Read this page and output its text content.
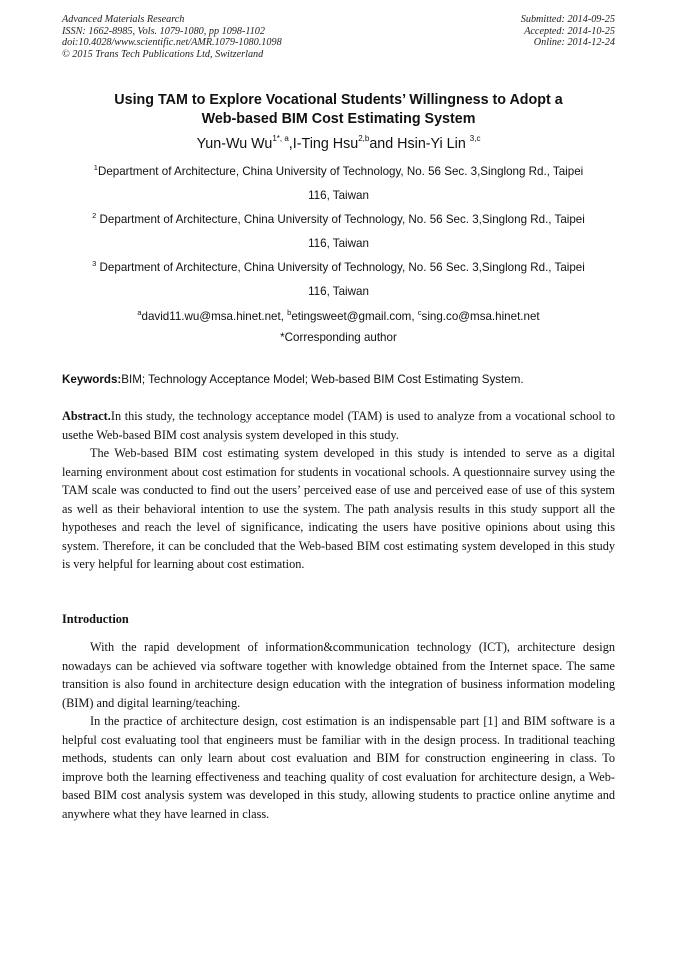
Advanced Materials Research
ISSN: 1662-8985, Vols. 1079-1080, pp 1098-1102
doi:10.4028/www.scientific.net/AMR.1079-1080.1098
© 2015 Trans Tech Publications Ltd, Switzerland
Submitted: 2014-09-25
Accepted: 2014-10-25
Online: 2014-12-24
Using TAM to Explore Vocational Students’ Willingness to Adopt a
Web-based BIM Cost Estimating System
Yun-Wu $Wu^{1*, a},I$-Ting Hsu$^{2,b}$and Hsin-Yi Lin $^{3,c}$
$^1$Department of Architecture, China University of Technology, No. 56 Sec. 3,Singlong Rd., Taipei
116, Taiwan
$^2$ Department of Architecture, China University of Technology, No. 56 Sec. 3,Singlong Rd., Taipei
116, Taiwan
$^3$ Department of Architecture, China University of Technology, No. 56 Sec. 3,Singlong Rd., Taipei
116, Taiwan
$^a$david11.wu@msa.hinet.net, $^b$etingsweet@gmail.com, $^c$sing.co@msa.hinet.net
*Corresponding author
Keywords:BIM; Technology Acceptance Model; Web-based BIM Cost Estimating System.

Abstract.In this study, the technology acceptance model (TAM) is used to analyze from a vocational school to usethe Web-based BIM cost analysis system developed in this study.

The Web-based BIM cost estimating system developed in this study is intended to serve as a digital learning environment about cost estimation for students in vocational schools. A questionnaire survey using the TAM scale was conducted to find out the users’ perceived ease of use and perceived ease of use of this system as well as their behavioral intention to use the system. The path analysis results in this study support all the hypotheses and reach the level of significance, indicating the users have positive opinions about using this system. Therefore, it can be concluded that the Web-based BIM cost estimating system developed in this study is very helpful for learning about cost estimation.

Introduction

With the rapid development of information&communication technology (ICT), architecture design nowadays can be achieved via software together with knowledge obtained from the Internet space. The same transition is also found in architecture design education with the integration of business information modeling (BIM) and digital learning/teaching.

In the practice of architecture design, cost estimation is an indispensable part [1] and BIM software is a helpful cost evaluating tool that engineers must be familiar with in the design process. In traditional teaching methods, students can only learn about cost evaluation and BIM for construction engineering in class. To improve both the learning effectiveness and teaching quality of cost evaluation for architecture design, a Web-based BIM cost analysis system was developed in this study, allowing students to practice online anytime and anywhere what they have learned in class.
